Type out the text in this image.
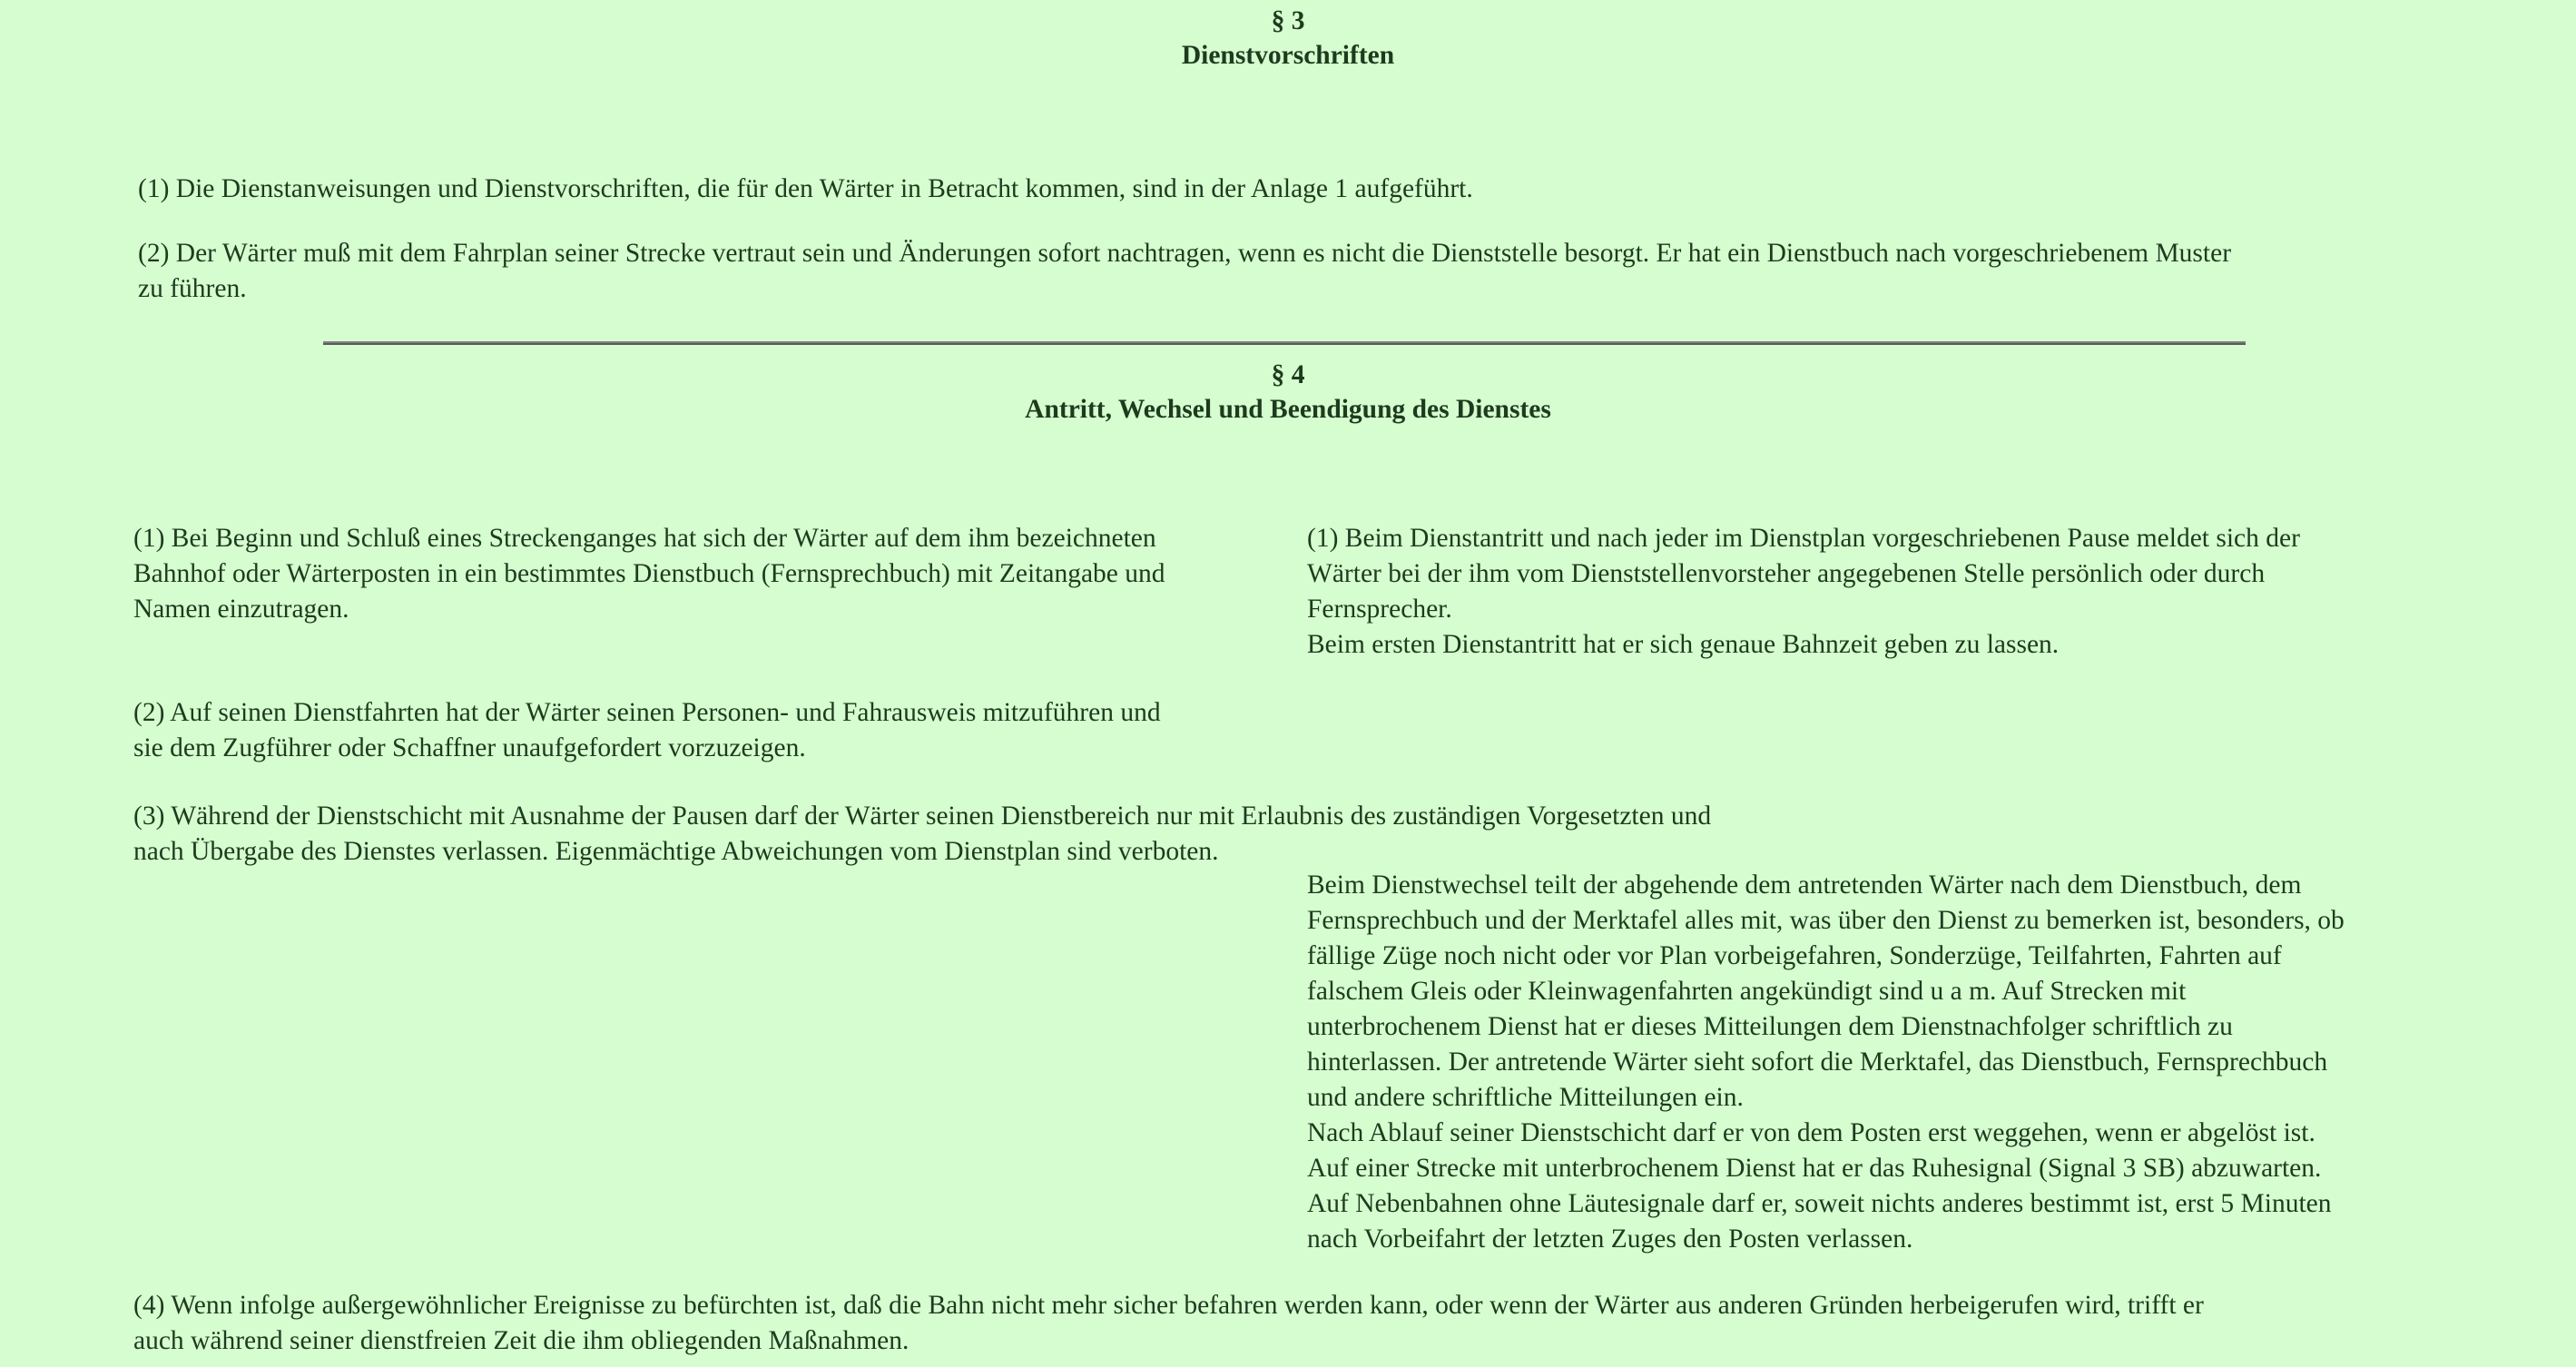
§ 3
Dienstvorschriften
(1) Die Dienstanweisungen und Dienstvorschriften, die für den Wärter in Betracht kommen, sind in der Anlage 1 aufgeführt.
(2) Der Wärter muß mit dem Fahrplan seiner Strecke vertraut sein und Änderungen sofort nachtragen, wenn es nicht die Dienststelle besorgt. Er hat ein Dienstbuch nach vorgeschriebenem Muster
zu führen.
§ 4
Antritt, Wechsel und Beendigung des Dienstes
(1) Bei Beginn und Schluß eines Streckenganges hat sich der Wärter auf dem ihm bezeichneten
Bahnhof oder Wärterposten in ein bestimmtes Dienstbuch (Fernsprechbuch) mit Zeitangabe und
Namen einzutragen.
(2) Auf seinen Dienstfahrten hat der Wärter seinen Personen- und Fahrausweis mitzuführen und
sie dem Zugführer oder Schaffner unaufgefordert vorzuzeigen.
(3) Während der Dienstschicht mit Ausnahme der Pausen darf der Wärter seinen Dienstbereich nur mit Erlaubnis des zuständigen Vorgesetzten und
nach Übergabe des Dienstes verlassen. Eigenmächtige Abweichungen vom Dienstplan sind verboten.
(1) Beim Dienstantritt und nach jeder im Dienstplan vorgeschriebenen Pause meldet sich der
Wärter bei der ihm vom Dienststellenvorsteher angegebenen Stelle persönlich oder durch
Fernsprecher.
Beim ersten Dienstantritt hat er sich genaue Bahnzeit geben zu lassen.
Beim Dienstwechsel teilt der abgehende dem antretenden Wärter nach dem Dienstbuch, dem
Fernsprechbuch und der Merktafel alles mit, was über den Dienst zu bemerken ist, besonders, ob
fällige Züge noch nicht oder vor Plan vorbeigefahren, Sonderzüge, Teilfahrten, Fahrten auf
falschem Gleis oder Kleinwagenfahrten angekündigt sind u a m. Auf Strecken mit
unterbrochenem Dienst hat er dieses Mitteilungen dem Dienstnachfolger schriftlich zu
hinterlassen. Der antretende Wärter sieht sofort die Merktafel, das Dienstbuch, Fernsprechbuch
und andere schriftliche Mitteilungen ein.
Nach Ablauf seiner Dienstschicht darf er von dem Posten erst weggehen, wenn er abgelöst ist.
Auf einer Strecke mit unterbrochenem Dienst hat er das Ruhesignal (Signal 3 SB) abzuwarten.
Auf Nebenbahnen ohne Läutesignale darf er, soweit nichts anderes bestimmt ist, erst 5 Minuten
nach Vorbeifahrt der letzten Zuges den Posten verlassen.
(4) Wenn infolge außergewöhnlicher Ereignisse zu befürchten ist, daß die Bahn nicht mehr sicher befahren werden kann, oder wenn der Wärter aus anderen Gründen herbeigerufen wird, trifft er
auch während seiner dienstfreien Zeit die ihm obliegenden Maßnahmen.
